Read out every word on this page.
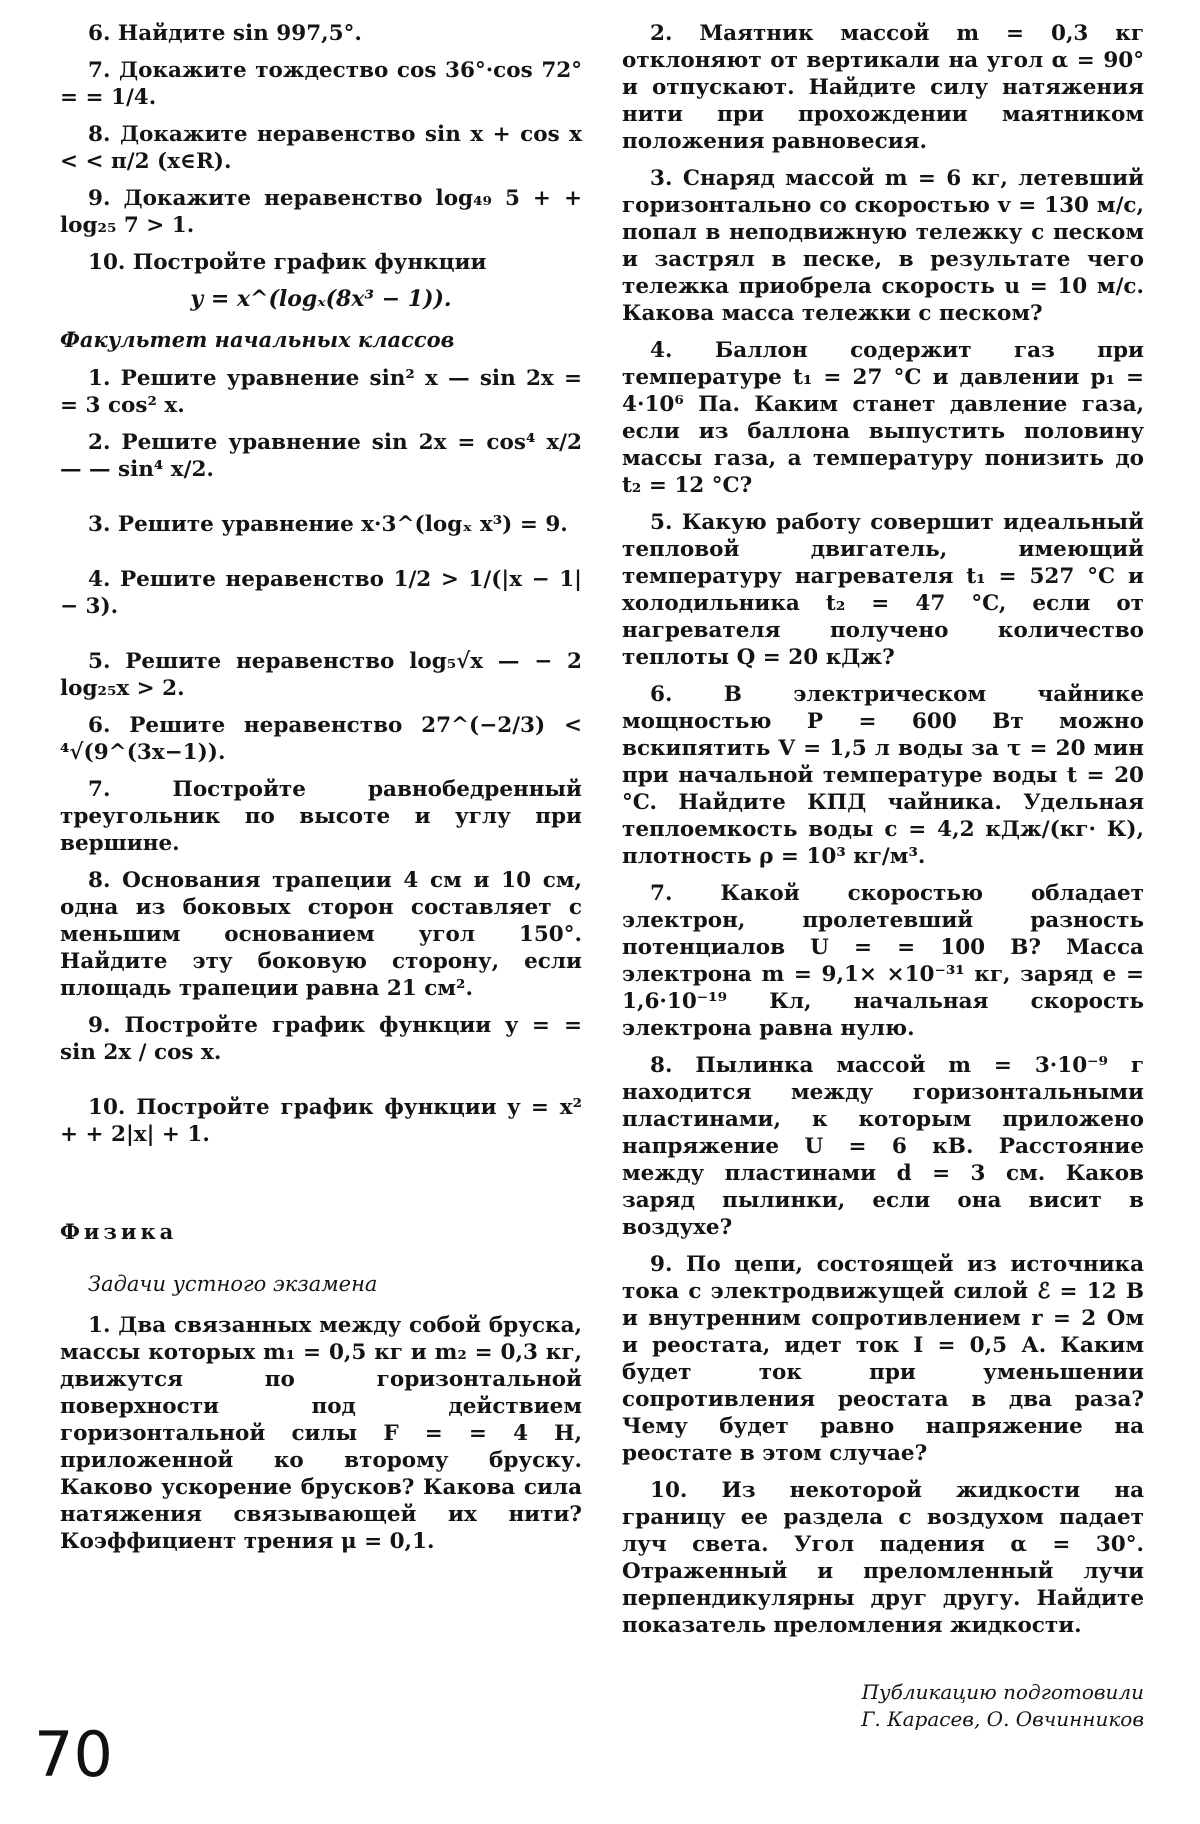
6. Найдите sin 997,5°.

7. Докажите тождество cos 36°·cos 72° = = 1/4.

8. Докажите неравенство sin x + cos x < < π/2 (x∈R).

9. Докажите неравенство log₄₉ 5 + + log₂₅ 7 > 1.

10. Постройте график функции

y = x^(logₓ(8x³ − 1)).

Факультет начальных классов

1. Решите уравнение sin² x — sin 2x = = 3 cos² x.

2. Решите уравнение sin 2x = cos⁴ x/2 — — sin⁴ x/2.

3. Решите уравнение x·3^(logₓ x³) = 9.

4. Решите неравенство 1/2 > 1/(|x − 1| − 3).

5. Решите неравенство log₅√x — − 2 log₂₅x > 2.

6. Решите неравенство 27^(−2/3) < ⁴√(9^(3x−1)).

7. Постройте равнобедренный треугольник по высоте и углу при вершине.

8. Основания трапеции 4 см и 10 см, одна из боковых сторон составляет с меньшим основанием угол 150°. Найдите эту боковую сторону, если площадь трапеции равна 21 см².

9. Постройте график функции y = = sin 2x / cos x.

10. Постройте график функции y = x² + + 2|x| + 1.

Физика

Задачи устного экзамена

1. Два связанных между собой бруска, массы которых m₁ = 0,5 кг и m₂ = 0,3 кг, движутся по горизонтальной поверхности под действием горизонтальной силы F = = 4 Н, приложенной ко второму бруску. Каково ускорение брусков? Какова сила натяжения связывающей их нити? Коэффициент трения μ = 0,1.

2. Маятник массой m = 0,3 кг отклоняют от вертикали на угол α = 90° и отпускают. Найдите силу натяжения нити при прохождении маятником положения равновесия.

3. Снаряд массой m = 6 кг, летевший горизонтально со скоростью v = 130 м/с, попал в неподвижную тележку с песком и застрял в песке, в результате чего тележка приобрела скорость u = 10 м/с. Какова масса тележки с песком?

4. Баллон содержит газ при температуре t₁ = 27 °C и давлении p₁ = 4·10⁶ Па. Каким станет давление газа, если из баллона выпустить половину массы газа, а температуру понизить до t₂ = 12 °C?

5. Какую работу совершит идеальный тепловой двигатель, имеющий температуру нагревателя t₁ = 527 °C и холодильника t₂ = 47 °C, если от нагревателя получено количество теплоты Q = 20 кДж?

6. В электрическом чайнике мощностью P = 600 Вт можно вскипятить V = 1,5 л воды за τ = 20 мин при начальной температуре воды t = 20 °C. Найдите КПД чайника. Удельная теплоемкость воды c = 4,2 кДж/(кг· К), плотность ρ = 10³ кг/м³.

7. Какой скоростью обладает электрон, пролетевший разность потенциалов U = = 100 В? Масса электрона m = 9,1× ×10⁻³¹ кг, заряд e = 1,6·10⁻¹⁹ Кл, начальная скорость электрона равна нулю.

8. Пылинка массой m = 3·10⁻⁹ г находится между горизонтальными пластинами, к которым приложено напряжение U = 6 кВ. Расстояние между пластинами d = 3 см. Каков заряд пылинки, если она висит в воздухе?

9. По цепи, состоящей из источника тока с электродвижущей силой ℰ = 12 В и внутренним сопротивлением r = 2 Ом и реостата, идет ток I = 0,5 А. Каким будет ток при уменьшении сопротивления реостата в два раза? Чему будет равно напряжение на реостате в этом случае?

10. Из некоторой жидкости на границу ее раздела с воздухом падает луч света. Угол падения α = 30°. Отраженный и преломленный лучи перпендикулярны друг другу. Найдите показатель преломления жидкости.

Публикацию подготовили
Г. Карасев, О. Овчинников
70
